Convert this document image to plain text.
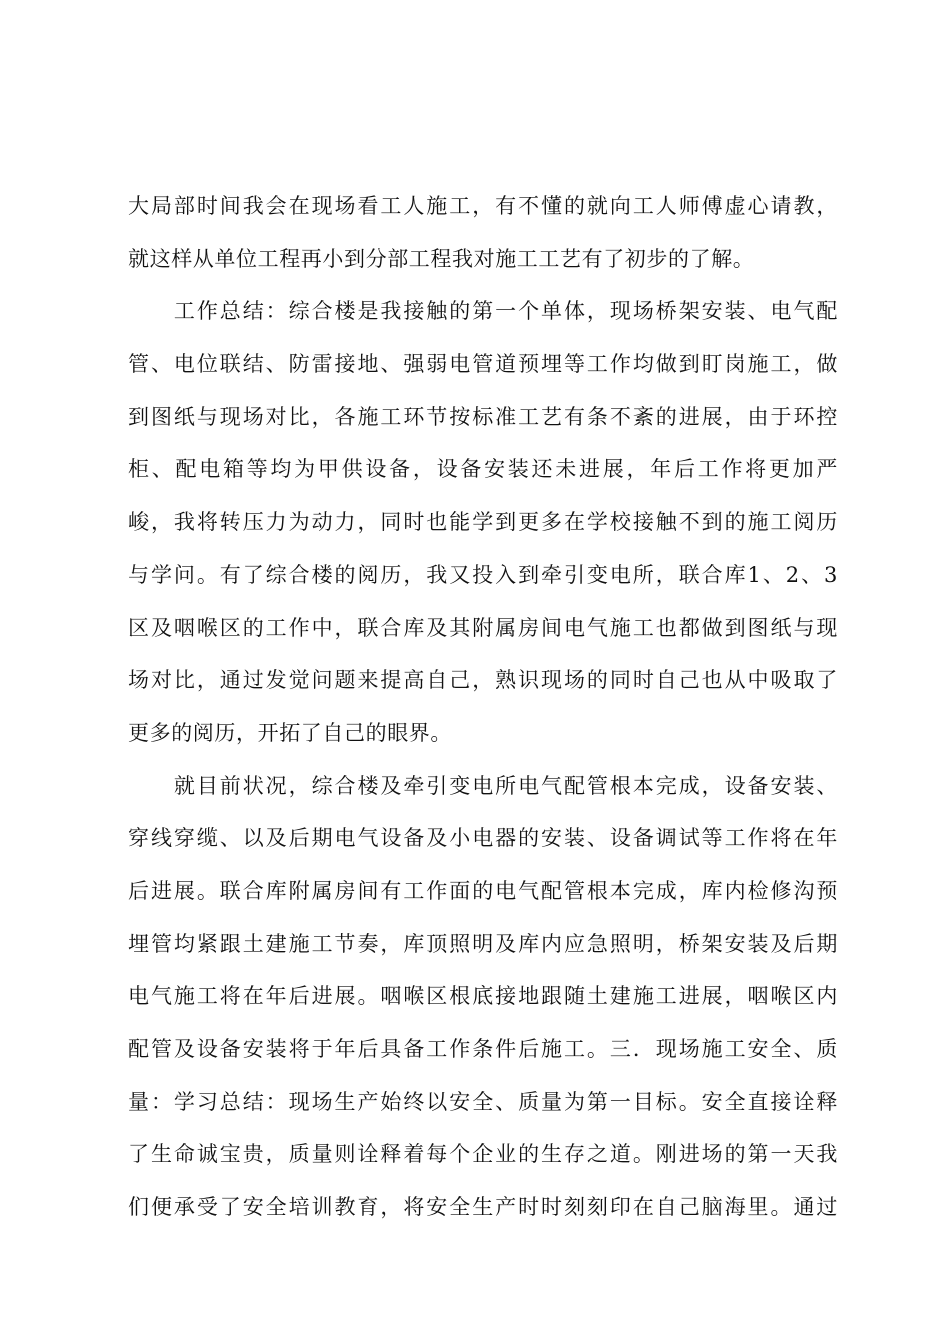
大局部时间我会在现场看工人施工，有不懂的就向工人师傅虚心请教，
就这样从单位工程再小到分部工程我对施工工艺有了初步的了解。
　　工作总结：综合楼是我接触的第一个单体，现场桥架安装、电气配
管、电位联结、防雷接地、强弱电管道预埋等工作均做到盯岗施工，做
到图纸与现场对比，各施工环节按标准工艺有条不紊的进展，由于环控
柜、配电箱等均为甲供设备，设备安装还未进展，年后工作将更加严
峻，我将转压力为动力，同时也能学到更多在学校接触不到的施工阅历
与学问。有了综合楼的阅历，我又投入到牵引变电所，联合库1、2、3
区及咽喉区的工作中，联合库及其附属房间电气施工也都做到图纸与现
场对比，通过发觉问题来提高自己，熟识现场的同时自己也从中吸取了
更多的阅历，开拓了自己的眼界。
　　就目前状况，综合楼及牵引变电所电气配管根本完成，设备安装、
穿线穿缆、以及后期电气设备及小电器的安装、设备调试等工作将在年
后进展。联合库附属房间有工作面的电气配管根本完成，库内检修沟预
埋管均紧跟土建施工节奏，库顶照明及库内应急照明，桥架安装及后期
电气施工将在年后进展。咽喉区根底接地跟随土建施工进展，咽喉区内
配管及设备安装将于年后具备工作条件后施工。三．现场施工安全、质
量：学习总结：现场生产始终以安全、质量为第一目标。安全直接诠释
了生命诚宝贵，质量则诠释着每个企业的生存之道。刚进场的第一天我
们便承受了安全培训教育，将安全生产时时刻刻印在自己脑海里。通过
